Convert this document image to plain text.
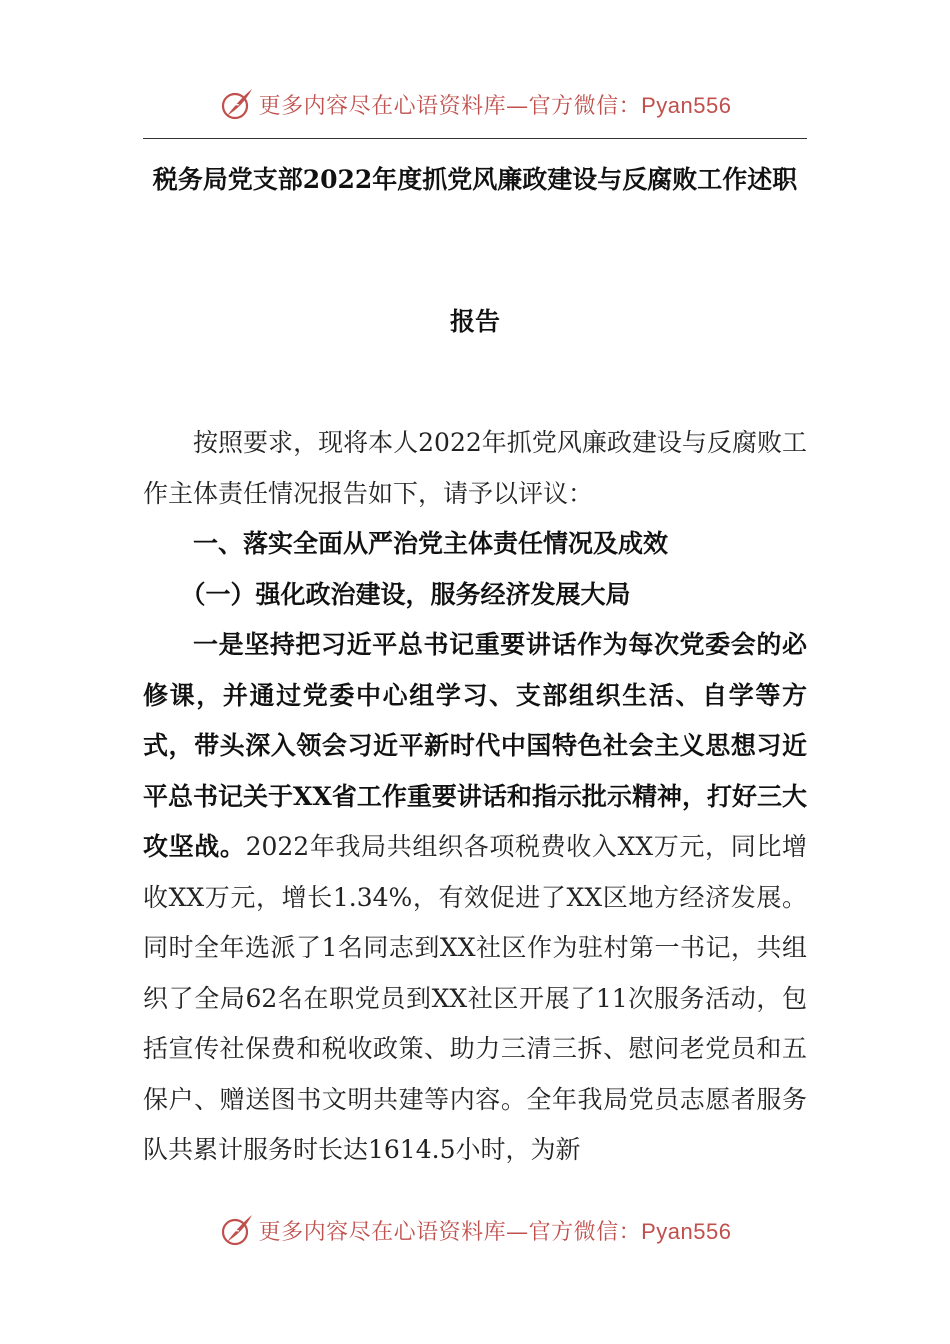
更多内容尽在心语资料库—官方微信：Pyan556
税务局党支部2022年度抓党风廉政建设与反腐败工作述职
报告

按照要求，现将本人2022年抓党风廉政建设与反腐败工作主体责任情况报告如下，请予以评议：

一、落实全面从严治党主体责任情况及成效

（一）强化政治建设，服务经济发展大局

一是坚持把习近平总书记重要讲话作为每次党委会的必修课，并通过党委中心组学习、支部组织生活、自学等方式，带头深入领会习近平新时代中国特色社会主义思想习近平总书记关于XX省工作重要讲话和指示批示精神，打好三大攻坚战。2022年我局共组织各项税费收入XX万元，同比增收XX万元，增长1.34%，有效促进了XX区地方经济发展。同时全年选派了1名同志到XX社区作为驻村第一书记，共组织了全局62名在职党员到XX社区开展了11次服务活动，包括宣传社保费和税收政策、助力三清三拆、慰问老党员和五保户、赠送图书文明共建等内容。全年我局党员志愿者服务队共累计服务时长达1614.5小时，为新

更多内容尽在心语资料库—官方微信：Pyan556
